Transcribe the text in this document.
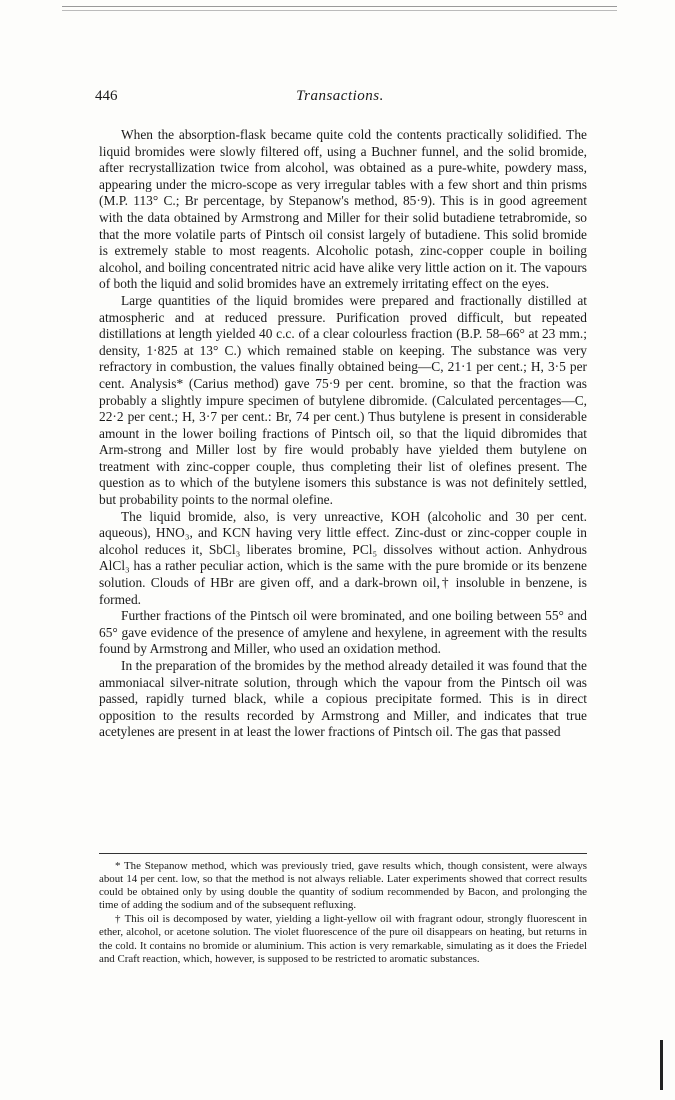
446	Transactions.

When the absorption-flask became quite cold the contents practically solidified. The liquid bromides were slowly filtered off, using a Buchner funnel, and the solid bromide, after recrystallization twice from alcohol, was obtained as a pure-white, powdery mass, appearing under the micro-scope as very irregular tables with a few short and thin prisms (M.P. 113° C.; Br percentage, by Stepanow's method, 85·9). This is in good agreement with the data obtained by Armstrong and Miller for their solid butadiene tetrabromide, so that the more volatile parts of Pintsch oil consist largely of butadiene. This solid bromide is extremely stable to most reagents. Alcoholic potash, zinc-copper couple in boiling alcohol, and boiling concentrated nitric acid have alike very little action on it. The vapours of both the liquid and solid bromides have an extremely irritating effect on the eyes.

Large quantities of the liquid bromides were prepared and fractionally distilled at atmospheric and at reduced pressure. Purification proved difficult, but repeated distillations at length yielded 40 c.c. of a clear colourless fraction (B.P. 58–66° at 23 mm.; density, 1·825 at 13° C.) which remained stable on keeping. The substance was very refractory in combustion, the values finally obtained being—C, 21·1 per cent.; H, 3·5 per cent. Analysis* (Carius method) gave 75·9 per cent. bromine, so that the fraction was probably a slightly impure specimen of butylene dibromide. (Calculated percentages—C, 22·2 per cent.; H, 3·7 per cent.: Br, 74 per cent.) Thus butylene is present in considerable amount in the lower boiling fractions of Pintsch oil, so that the liquid dibromides that Arm-strong and Miller lost by fire would probably have yielded them butylene on treatment with zinc-copper couple, thus completing their list of olefines present. The question as to which of the butylene isomers this substance is was not definitely settled, but probability points to the normal olefine.

The liquid bromide, also, is very unreactive, KOH (alcoholic and 30 per cent. aqueous), HNO₃, and KCN having very little effect. Zinc-dust or zinc-copper couple in alcohol reduces it, SbCl₃ liberates bromine, PCl₅ dissolves without action. Anhydrous AlCl₃ has a rather peculiar action, which is the same with the pure bromide or its benzene solution. Clouds of HBr are given off, and a dark-brown oil,† insoluble in benzene, is formed.

Further fractions of the Pintsch oil were brominated, and one boiling between 55° and 65° gave evidence of the presence of amylene and hexylene, in agreement with the results found by Armstrong and Miller, who used an oxidation method.

In the preparation of the bromides by the method already detailed it was found that the ammoniacal silver-nitrate solution, through which the vapour from the Pintsch oil was passed, rapidly turned black, while a copious precipitate formed. This is in direct opposition to the results recorded by Armstrong and Miller, and indicates that true acetylenes are present in at least the lower fractions of Pintsch oil. The gas that passed

* The Stepanow method, which was previously tried, gave results which, though consistent, were always about 14 per cent. low, so that the method is not always reliable. Later experiments showed that correct results could be obtained only by using double the quantity of sodium recommended by Bacon, and prolonging the time of adding the sodium and of the subsequent refluxing.

† This oil is decomposed by water, yielding a light-yellow oil with fragrant odour, strongly fluorescent in ether, alcohol, or acetone solution. The violet fluorescence of the pure oil disappears on heating, but returns in the cold. It contains no bromide or aluminium. This action is very remarkable, simulating as it does the Friedel and Craft reaction, which, however, is supposed to be restricted to aromatic substances.
